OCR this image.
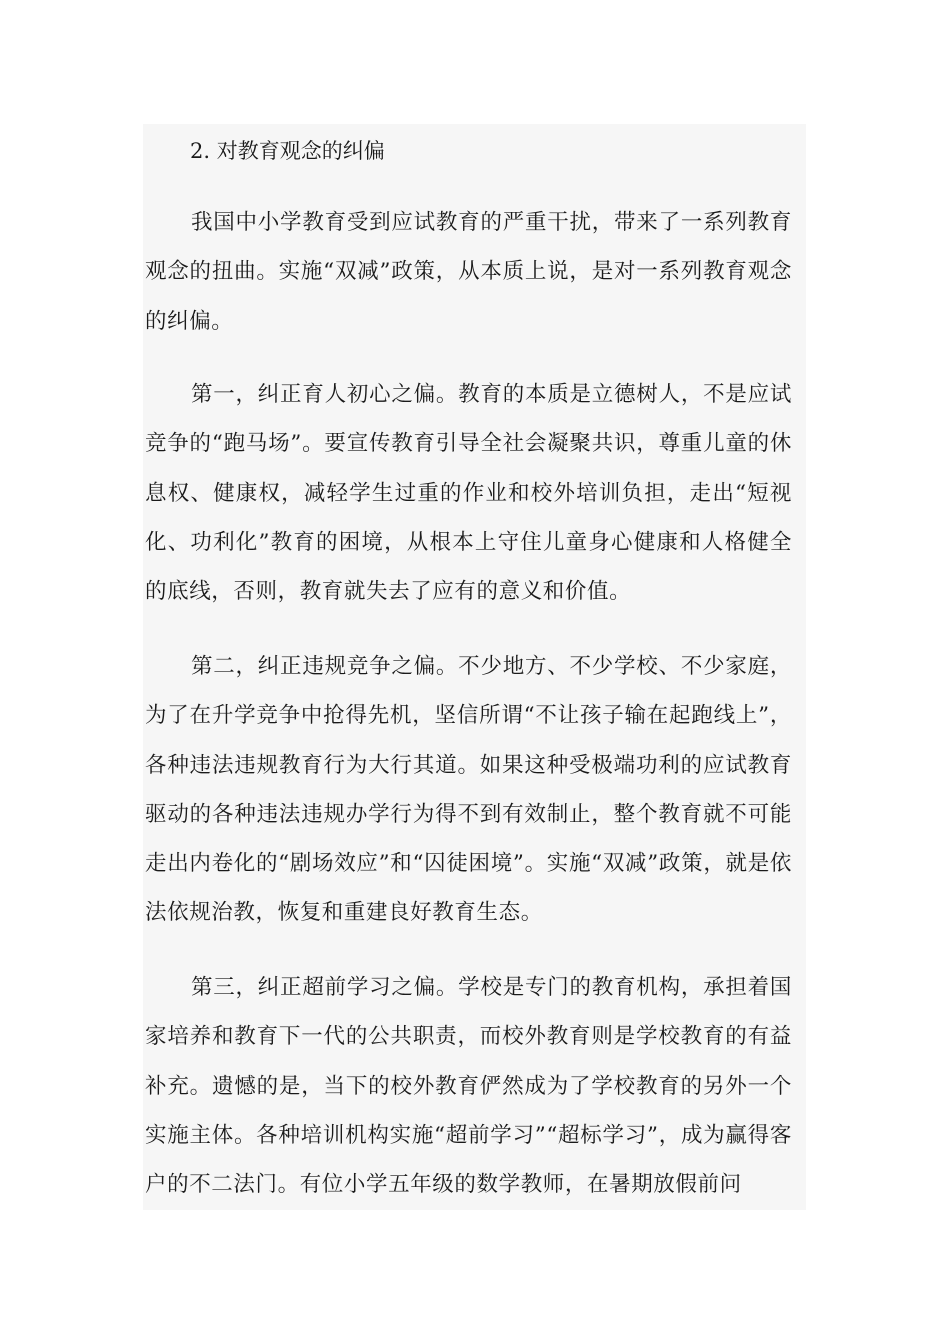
2. 对教育观念的纠偏

我国中小学教育受到应试教育的严重干扰，带来了一系列教育观念的扭曲。实施“双减”政策，从本质上说，是对一系列教育观念的纠偏。

第一，纠正育人初心之偏。教育的本质是立德树人，不是应试竞争的“跑马场”。要宣传教育引导全社会凝聚共识，尊重儿童的休息权、健康权，减轻学生过重的作业和校外培训负担，走出“短视化、功利化”教育的困境，从根本上守住儿童身心健康和人格健全的底线，否则，教育就失去了应有的意义和价值。

第二，纠正违规竞争之偏。不少地方、不少学校、不少家庭，为了在升学竞争中抢得先机，坚信所谓“不让孩子输在起跑线上”，各种违法违规教育行为大行其道。如果这种受极端功利的应试教育驱动的各种违法违规办学行为得不到有效制止，整个教育就不可能走出内卷化的“剧场效应”和“囚徒困境”。实施“双减”政策，就是依法依规治教，恢复和重建良好教育生态。

第三，纠正超前学习之偏。学校是专门的教育机构，承担着国家培养和教育下一代的公共职责，而校外教育则是学校教育的有益补充。遗憾的是，当下的校外教育俨然成为了学校教育的另外一个实施主体。各种培训机构实施“超前学习”“超标学习”，成为赢得客户的不二法门。有位小学五年级的数学教师，在暑期放假前问
